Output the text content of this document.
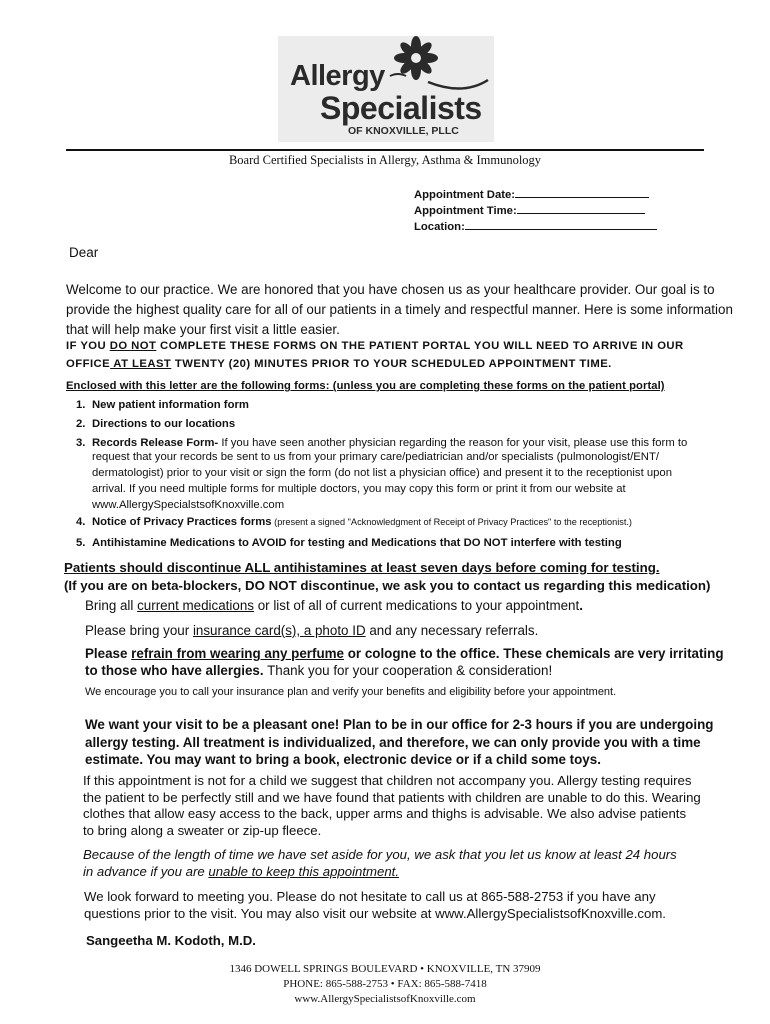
Allergy
Specialists
OF KNOXVILLE, PLLC
Board Certified Specialists in Allergy, Asthma & Immunology
Appointment Date:
Appointment Time:
Location:
Dear
Welcome to our practice. We are honored that you have chosen us as your healthcare provider. Our goal is to
provide the highest quality care for all of our patients in a timely and respectful manner. Here is some information
that will help make your first visit a little easier.
IF YOU DO NOT COMPLETE THESE FORMS ON THE PATIENT PORTAL YOU WILL NEED TO ARRIVE IN OUR
OFFICE AT LEAST TWENTY (20) MINUTES PRIOR TO YOUR SCHEDULED APPOINTMENT TIME.
Enclosed with this letter are the following forms: (unless you are completing these forms on the patient portal)
1. New patient information form
2. Directions to our locations
3. Records Release Form- If you have seen another physician regarding the reason for your visit, please use this form to
request that your records be sent to us from your primary care/pediatrician and/or specialists (pulmonologist/ENT/
dermatologist) prior to your visit or sign the form (do not list a physician office) and present it to the receptionist upon
arrival. If you need multiple forms for multiple doctors, you may copy this form or print it from our website at
www.AllergySpecialstsofKnoxville.com
4. Notice of Privacy Practices forms (present a signed "Acknowledgment of Receipt of Privacy Practices" to the receptionist.)
5. Antihistamine Medications to AVOID for testing and Medications that DO NOT interfere with testing
Patients should discontinue ALL antihistamines at least seven days before coming for testing.
(If you are on beta-blockers, DO NOT discontinue, we ask you to contact us regarding this medication)
Bring all current medications or list of all of current medications to your appointment.
Please bring your insurance card(s), a photo ID and any necessary referrals.
Please refrain from wearing any perfume or cologne to the office. These chemicals are very irritating
to those who have allergies. Thank you for your cooperation & consideration!
We encourage you to call your insurance plan and verify your benefits and eligibility before your appointment.
We want your visit to be a pleasant one! Plan to be in our office for 2-3 hours if you are undergoing
allergy testing. All treatment is individualized, and therefore, we can only provide you with a time
estimate. You may want to bring a book, electronic device or if a child some toys.
If this appointment is not for a child we suggest that children not accompany you. Allergy testing requires
the patient to be perfectly still and we have found that patients with children are unable to do this. Wearing
clothes that allow easy access to the back, upper arms and thighs is advisable. We also advise patients
to bring along a sweater or zip-up fleece.
Because of the length of time we have set aside for you, we ask that you let us know at least 24 hours
in advance if you are unable to keep this appointment.
We look forward to meeting you. Please do not hesitate to call us at 865-588-2753 if you have any
questions prior to the visit. You may also visit our website at www.AllergySpecialistsofKnoxville.com.
Sangeetha M. Kodoth, M.D.
1346 DOWELL SPRINGS BOULEVARD • KNOXVILLE, TN 37909
PHONE: 865-588-2753 • FAX: 865-588-7418
www.AllergySpecialistsofKnoxville.com
